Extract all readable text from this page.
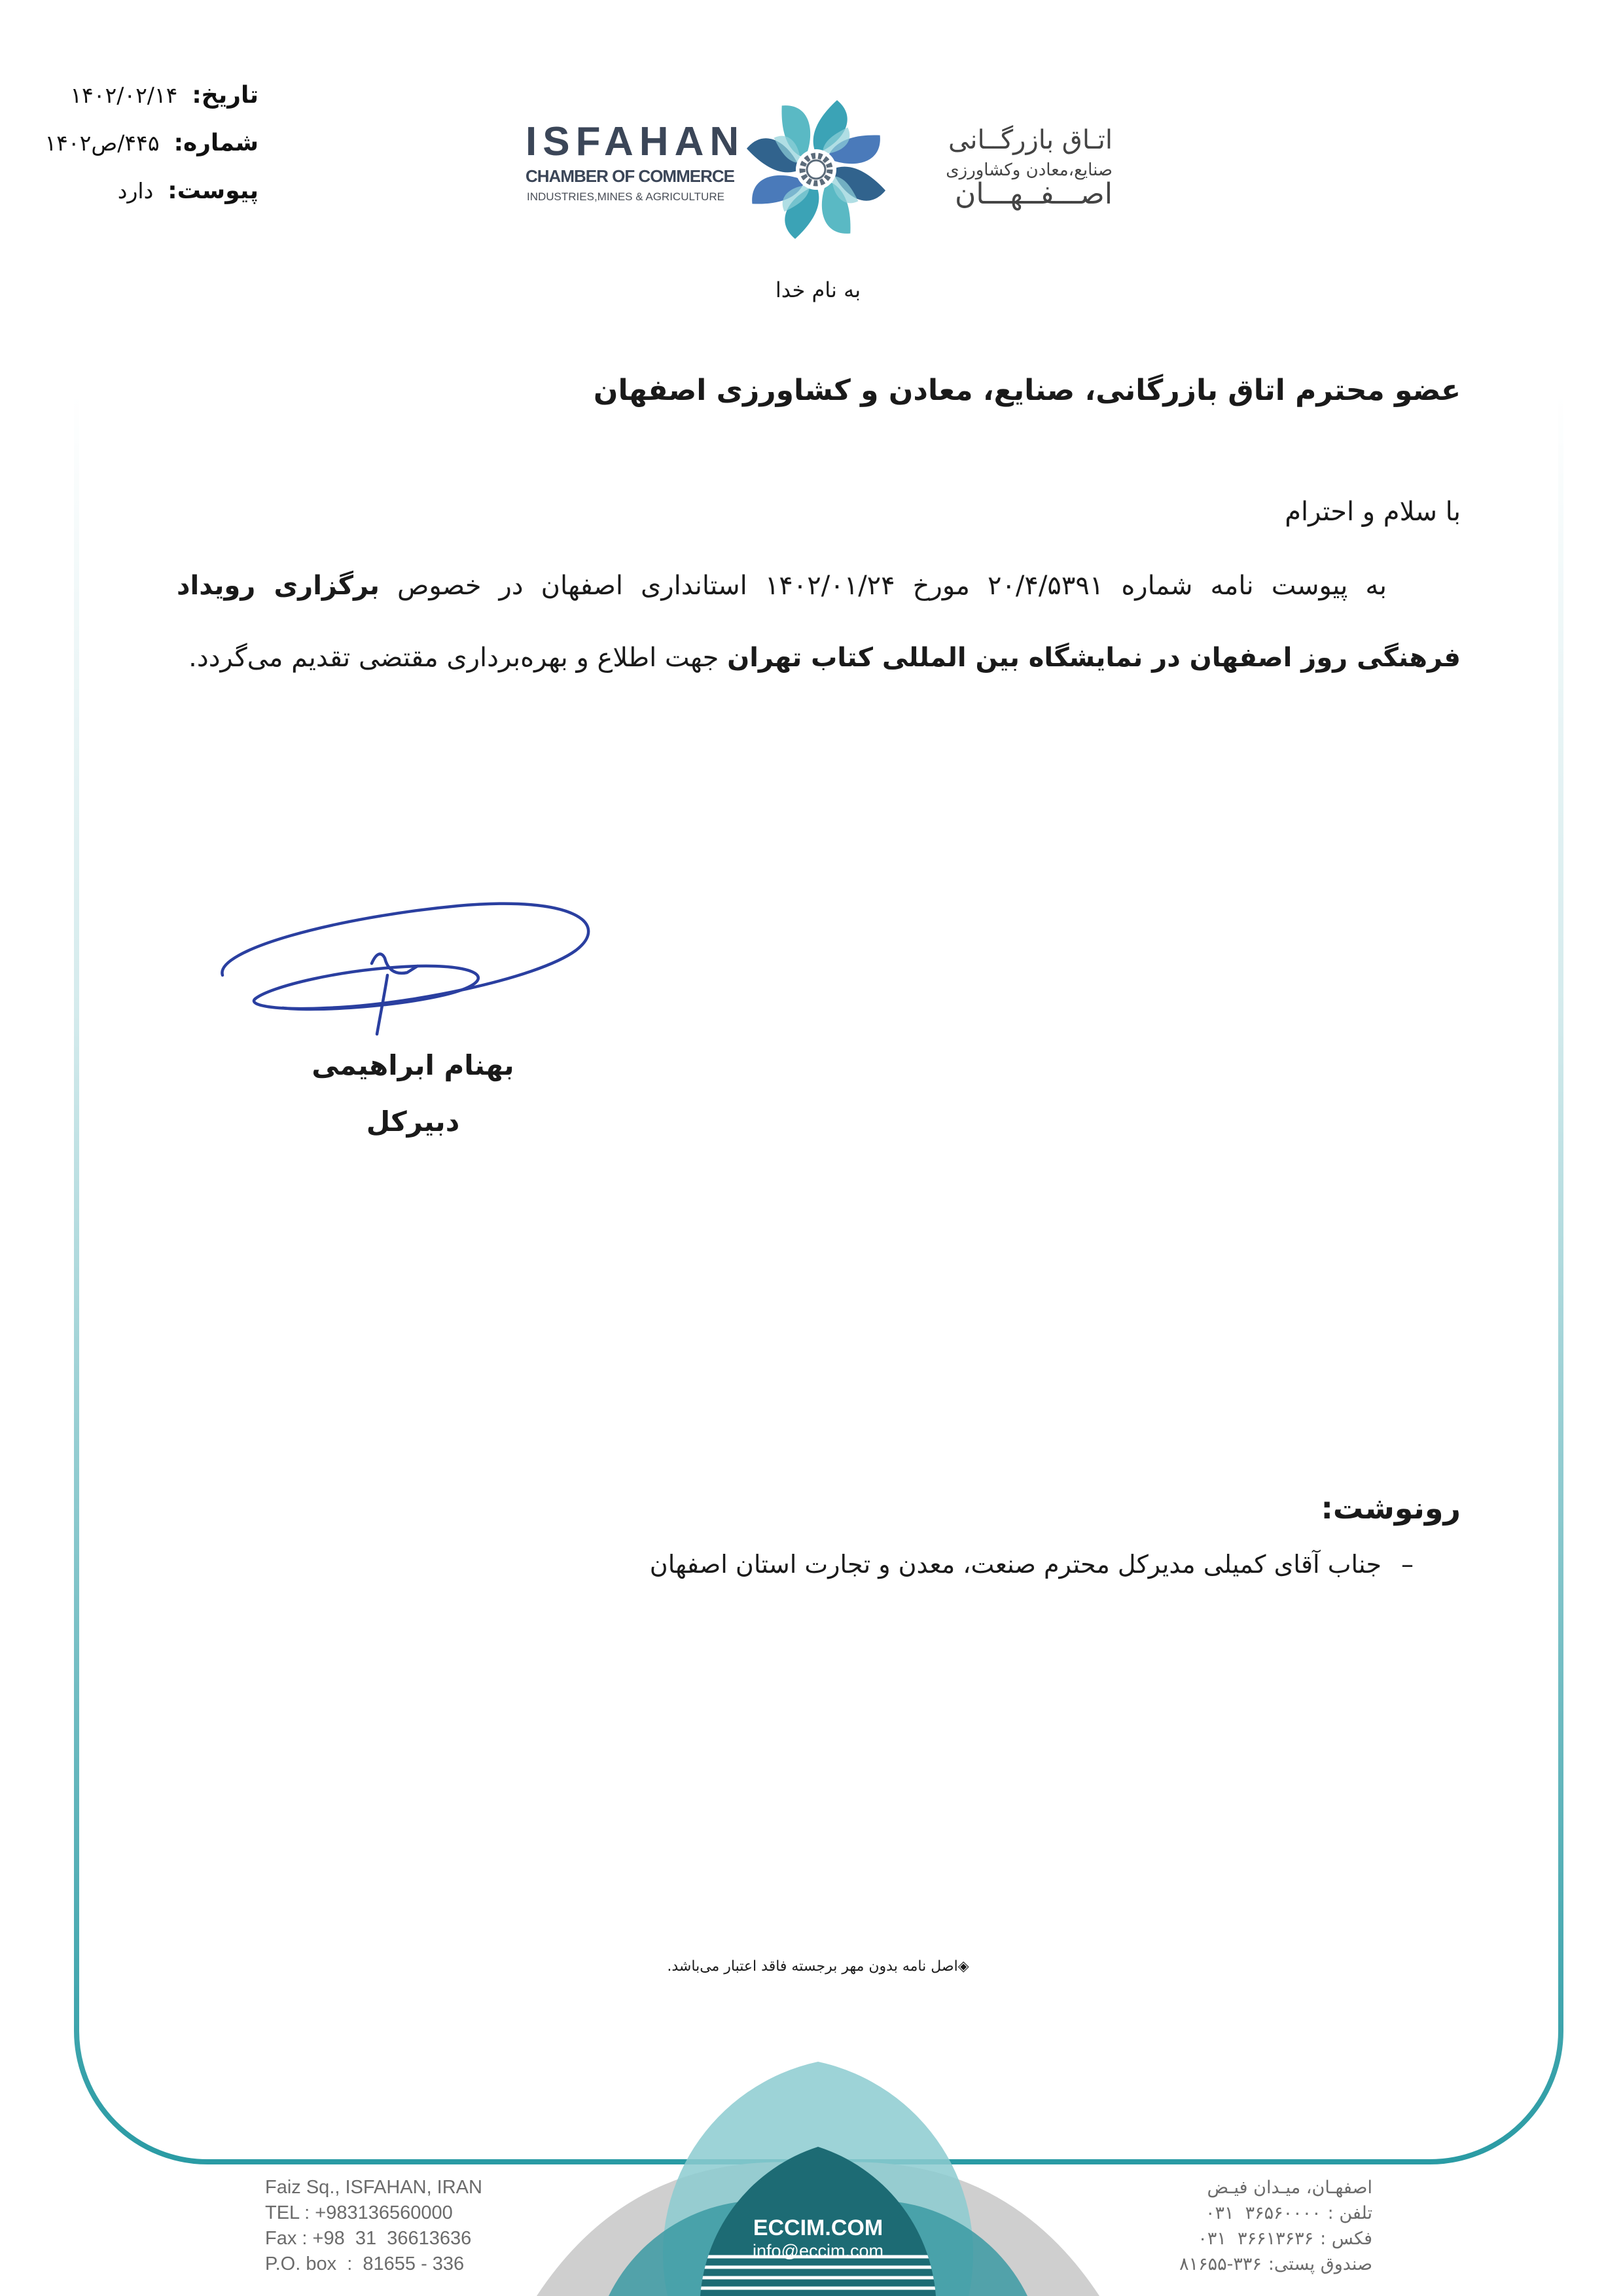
تاریخ:
۱۴۰۲/۰۲/۱۴
شماره:
۴۴۵/ص۱۴۰۲
پیوست:
دارد
ISFAHAN
CHAMBER OF COMMERCE
INDUSTRIES,MINES & AGRICULTURE
اتـاق بازرگــانی
صنایع،معادن وکشاورزی
اصـــفــهـــان
به نام خدا
عضو محترم اتاق بازرگانی، صنایع، معادن و کشاورزی اصفهان
با سلام و احترام
به پیوست نامه شماره ۲۰/۴/۵۳۹۱ مورخ ۱۴۰۲/۰۱/۲۴ استانداری اصفهان در خصوص برگزاری رویداد
فرهنگی روز اصفهان در نمایشگاه بین المللی کتاب تهران جهت اطلاع و بهره‌برداری مقتضی تقدیم می‌گردد.
بهنام ابراهیمی
دبیرکل
رونوشت:
–
جناب آقای کمیلی مدیرکل محترم صنعت، معدن و تجارت استان اصفهان
◈اصل نامه بدون مهر برجسته فاقد اعتبار می‌باشد.
ECCIM.COM
info@eccim.com
Faiz Sq., ISFAHAN, IRAN
TEL : +983136560000
Fax : +98  31  36613636
P.O. box  :  81655 - 336
اصفهـان، میـدان فیـض
تلفن :
۰۳۱  ۳۶۵۶۰۰۰۰
فکس :
۰۳۱  ۳۶۶۱۳۶۳۶
صندوق پستی:
۸۱۶۵۵-۳۳۶
